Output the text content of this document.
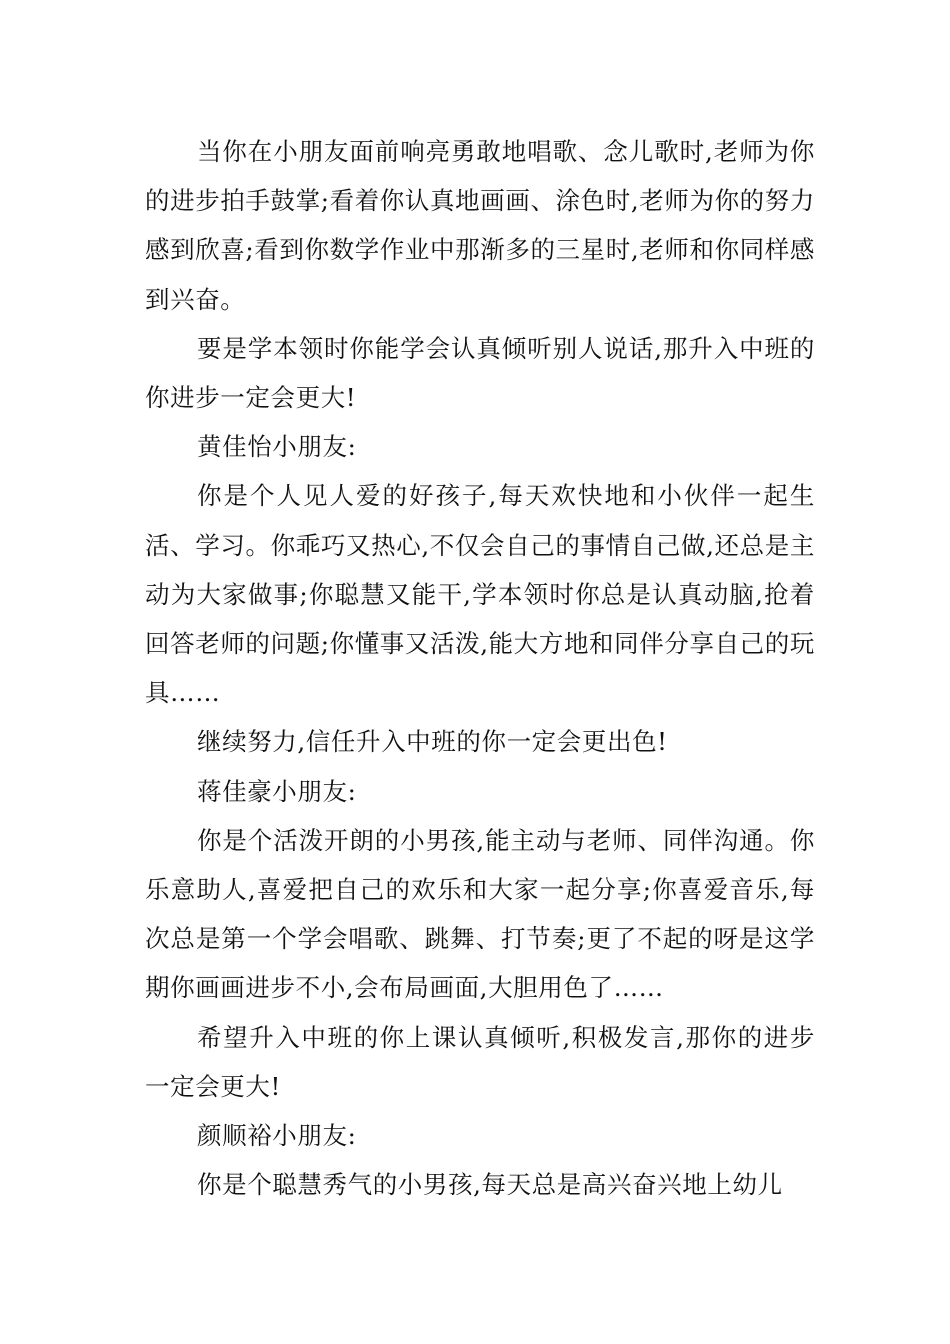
当你在小朋友面前响亮勇敢地唱歌、念儿歌时,老师为你的进步拍手鼓掌;看着你认真地画画、涂色时,老师为你的努力感到欣喜;看到你数学作业中那渐多的三星时,老师和你同样感到兴奋。

要是学本领时你能学会认真倾听别人说话,那升入中班的你进步一定会更大!

黄佳怡小朋友:

你是个人见人爱的好孩子,每天欢快地和小伙伴一起生活、学习。你乖巧又热心,不仅会自己的事情自己做,还总是主动为大家做事;你聪慧又能干,学本领时你总是认真动脑,抢着回答老师的问题;你懂事又活泼,能大方地和同伴分享自己的玩具……

继续努力,信任升入中班的你一定会更出色!

蒋佳豪小朋友:

你是个活泼开朗的小男孩,能主动与老师、同伴沟通。你乐意助人,喜爱把自己的欢乐和大家一起分享;你喜爱音乐,每次总是第一个学会唱歌、跳舞、打节奏;更了不起的呀是这学期你画画进步不小,会布局画面,大胆用色了……

希望升入中班的你上课认真倾听,积极发言,那你的进步一定会更大!

颜顺裕小朋友:

你是个聪慧秀气的小男孩,每天总是高兴奋兴地上幼儿
